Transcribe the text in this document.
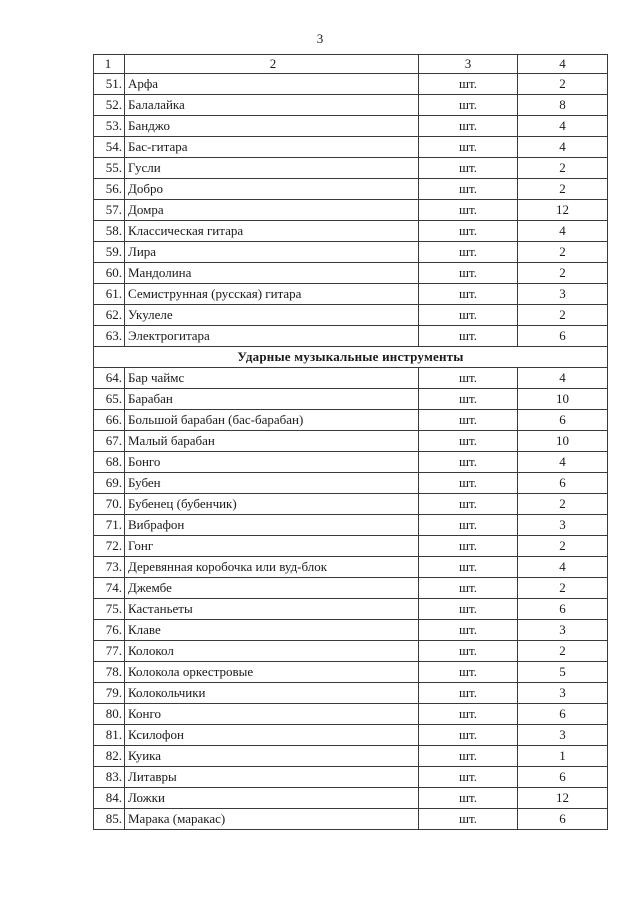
3
1	2	3	4
51.	Арфа	шт.	2
52.	Балалайка	шт.	8
53.	Банджо	шт.	4
54.	Бас-гитара	шт.	4
55.	Гусли	шт.	2
56.	Добро	шт.	2
57.	Домра	шт.	12
58.	Классическая гитара	шт.	4
59.	Лира	шт.	2
60.	Мандолина	шт.	2
61.	Семиструнная (русская) гитара	шт.	3
62.	Укулеле	шт.	2
63.	Электрогитара	шт.	6
Ударные музыкальные инструменты			
64.	Бар чаймс	шт.	4
65.	Барабан	шт.	10
66.	Большой барабан (бас-барабан)	шт.	6
67.	Малый барабан	шт.	10
68.	Бонго	шт.	4
69.	Бубен	шт.	6
70.	Бубенец (бубенчик)	шт.	2
71.	Вибрафон	шт.	3
72.	Гонг	шт.	2
73.	Деревянная коробочка или вуд-блок	шт.	4
74.	Джембе	шт.	2
75.	Кастаньеты	шт.	6
76.	Клаве	шт.	3
77.	Колокол	шт.	2
78.	Колокола оркестровые	шт.	5
79.	Колокольчики	шт.	3
80.	Конго	шт.	6
81.	Ксилофон	шт.	3
82.	Куика	шт.	1
83.	Литавры	шт.	6
84.	Ложки	шт.	12
85.	Марака (маракас)	шт.	6
